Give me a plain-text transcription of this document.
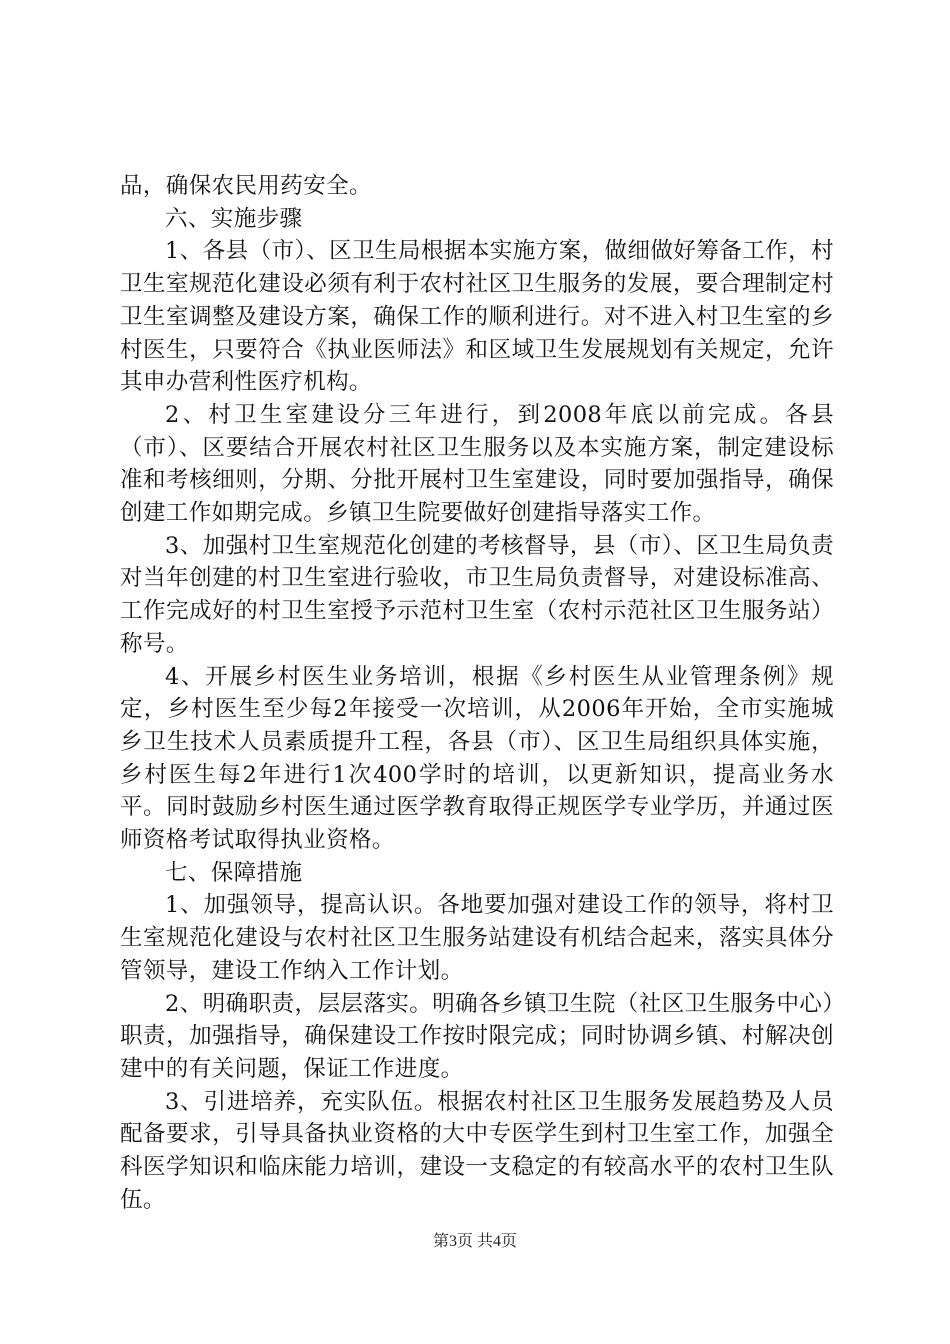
品，确保农民用药安全。

六、实施步骤

1、各县（市）、区卫生局根据本实施方案，做细做好筹备工作，村卫生室规范化建设必须有利于农村社区卫生服务的发展，要合理制定村卫生室调整及建设方案，确保工作的顺利进行。对不进入村卫生室的乡村医生，只要符合《执业医师法》和区域卫生发展规划有关规定，允许其申办营利性医疗机构。

2、村卫生室建设分三年进行，到2008年底以前完成。各县（市）、区要结合开展农村社区卫生服务以及本实施方案，制定建设标准和考核细则，分期、分批开展村卫生室建设，同时要加强指导，确保创建工作如期完成。乡镇卫生院要做好创建指导落实工作。

3、加强村卫生室规范化创建的考核督导，县（市）、区卫生局负责对当年创建的村卫生室进行验收，市卫生局负责督导，对建设标准高、工作完成好的村卫生室授予示范村卫生室（农村示范社区卫生服务站）称号。

4、开展乡村医生业务培训，根据《乡村医生从业管理条例》规定，乡村医生至少每2年接受一次培训，从2006年开始，全市实施城乡卫生技术人员素质提升工程，各县（市）、区卫生局组织具体实施，乡村医生每2年进行1次400学时的培训，以更新知识，提高业务水平。同时鼓励乡村医生通过医学教育取得正规医学专业学历，并通过医师资格考试取得执业资格。

七、保障措施

1、加强领导，提高认识。各地要加强对建设工作的领导，将村卫生室规范化建设与农村社区卫生服务站建设有机结合起来，落实具体分管领导，建设工作纳入工作计划。

2、明确职责，层层落实。明确各乡镇卫生院（社区卫生服务中心）职责，加强指导，确保建设工作按时限完成；同时协调乡镇、村解决创建中的有关问题，保证工作进度。

3、引进培养，充实队伍。根据农村社区卫生服务发展趋势及人员配备要求，引导具备执业资格的大中专医学生到村卫生室工作，加强全科医学知识和临床能力培训，建设一支稳定的有较高水平的农村卫生队伍。

第3页 共4页
